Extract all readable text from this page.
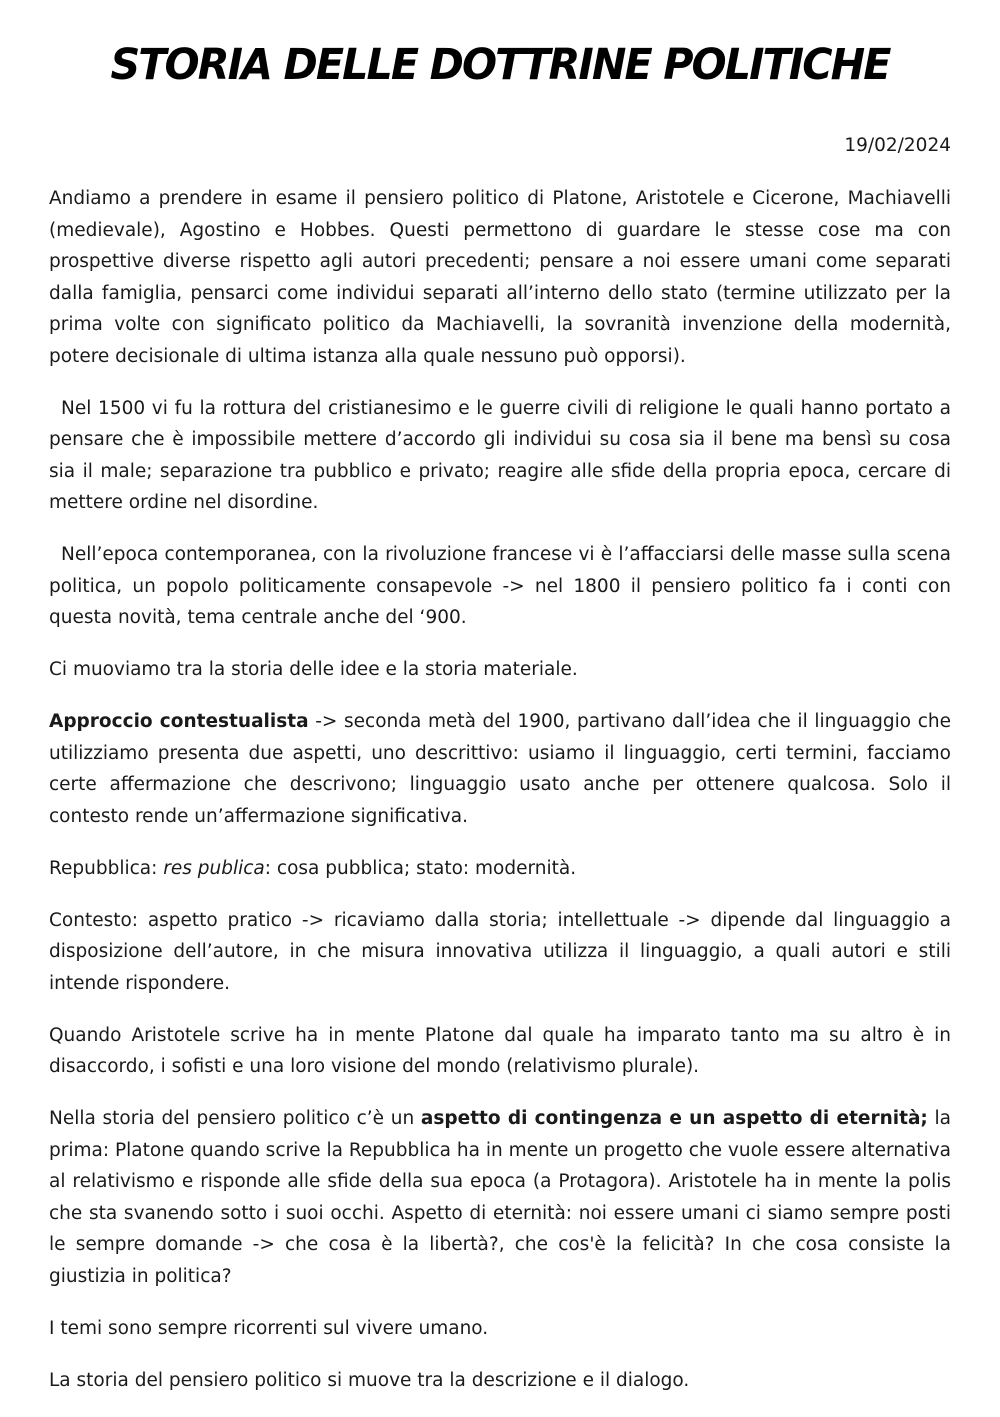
STORIA DELLE DOTTRINE POLITICHE

19/02/2024

Andiamo a prendere in esame il pensiero politico di Platone, Aristotele e Cicerone, Machiavelli (medievale), Agostino e Hobbes. Questi permettono di guardare le stesse cose ma con prospettive diverse rispetto agli autori precedenti; pensare a noi essere umani come separati dalla famiglia, pensarci come individui separati all’interno dello stato (termine utilizzato per la prima volte con significato politico da Machiavelli, la sovranità invenzione della modernità, potere decisionale di ultima istanza alla quale nessuno può opporsi).

Nel 1500 vi fu la rottura del cristianesimo e le guerre civili di religione le quali hanno portato a pensare che è impossibile mettere d’accordo gli individui su cosa sia il bene ma bensì su cosa sia il male; separazione tra pubblico e privato; reagire alle sfide della propria epoca, cercare di mettere ordine nel disordine.

Nell’epoca contemporanea, con la rivoluzione francese vi è l’affacciarsi delle masse sulla scena politica, un popolo politicamente consapevole -> nel 1800 il pensiero politico fa i conti con questa novità, tema centrale anche del ‘900.

Ci muoviamo tra la storia delle idee e la storia materiale.

Approccio contestualista -> seconda metà del 1900, partivano dall’idea che il linguaggio che utilizziamo presenta due aspetti, uno descrittivo: usiamo il linguaggio, certi termini, facciamo certe affermazione che descrivono; linguaggio usato anche per ottenere qualcosa. Solo il contesto rende un’affermazione significativa.

Repubblica: res publica: cosa pubblica; stato: modernità.

Contesto: aspetto pratico -> ricaviamo dalla storia; intellettuale -> dipende dal linguaggio a disposizione dell’autore, in che misura innovativa utilizza il linguaggio, a quali autori e stili intende rispondere.

Quando Aristotele scrive ha in mente Platone dal quale ha imparato tanto ma su altro è in disaccordo, i sofisti e una loro visione del mondo (relativismo plurale).

Nella storia del pensiero politico c’è un aspetto di contingenza e un aspetto di eternità; la prima: Platone quando scrive la Repubblica ha in mente un progetto che vuole essere alternativa al relativismo e risponde alle sfide della sua epoca (a Protagora). Aristotele ha in mente la polis che sta svanendo sotto i suoi occhi. Aspetto di eternità: noi essere umani ci siamo sempre posti le sempre domande -> che cosa è la libertà?, che cos'è la felicità? In che cosa consiste la giustizia in politica?

I temi sono sempre ricorrenti sul vivere umano.

La storia del pensiero politico si muove tra la descrizione e il dialogo.
